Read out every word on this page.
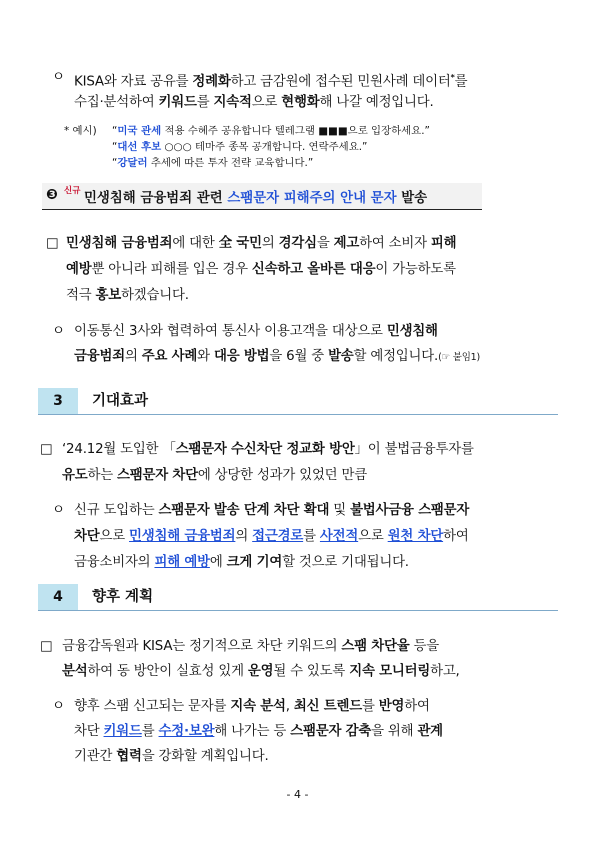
ㅇ KISA와 자료 공유를 정례화하고 금감원에 접수된 민원사례 데이터*를
수집·분석하여 키워드를 지속적으로 현행화해 나갈 예정입니다.
* 예시) “미국 관세 적용 수혜주 공유합니다 텔레그램 ■■■으로 입장하세요.”
“대선 후보 ○○○ 테마주 종목 공개합니다. 연락주세요.”
“강달러 추세에 따른 투자 전략 교육합니다.”
❸ 신규 민생침해 금융범죄 관련 스팸문자 피해주의 안내 문자 발송
□ 민생침해 금융범죄에 대한 全 국민의 경각심을 제고하여 소비자 피해
예방뿐 아니라 피해를 입은 경우 신속하고 올바른 대응이 가능하도록
적극 홍보하겠습니다.
ㅇ 이동통신 3사와 협력하여 통신사 이용고객을 대상으로 민생침해
금융범죄의 주요 사례와 대응 방법을 6월 중 발송할 예정입니다.(☞ 붙임1)
3	기대효과
□ ‘24.12월 도입한 「스팸문자 수신차단 정교화 방안」이 불법금융투자를
유도하는 스팸문자 차단에 상당한 성과가 있었던 만큼
ㅇ 신규 도입하는 스팸문자 발송 단계 차단 확대 및 불법사금융 스팸문자
차단으로 민생침해 금융범죄의 접근경로를 사전적으로 원천 차단하여
금융소비자의 피해 예방에 크게 기여할 것으로 기대됩니다.
4	향후 계획
□ 금융감독원과 KISA는 정기적으로 차단 키워드의 스팸 차단율 등을
분석하여 동 방안이 실효성 있게 운영될 수 있도록 지속 모니터링하고,
ㅇ 향후 스팸 신고되는 문자를 지속 분석, 최신 트렌드를 반영하여
차단 키워드를 수정·보완해 나가는 등 스팸문자 감축을 위해 관계
기관간 협력을 강화할 계획입니다.
- 4 -
